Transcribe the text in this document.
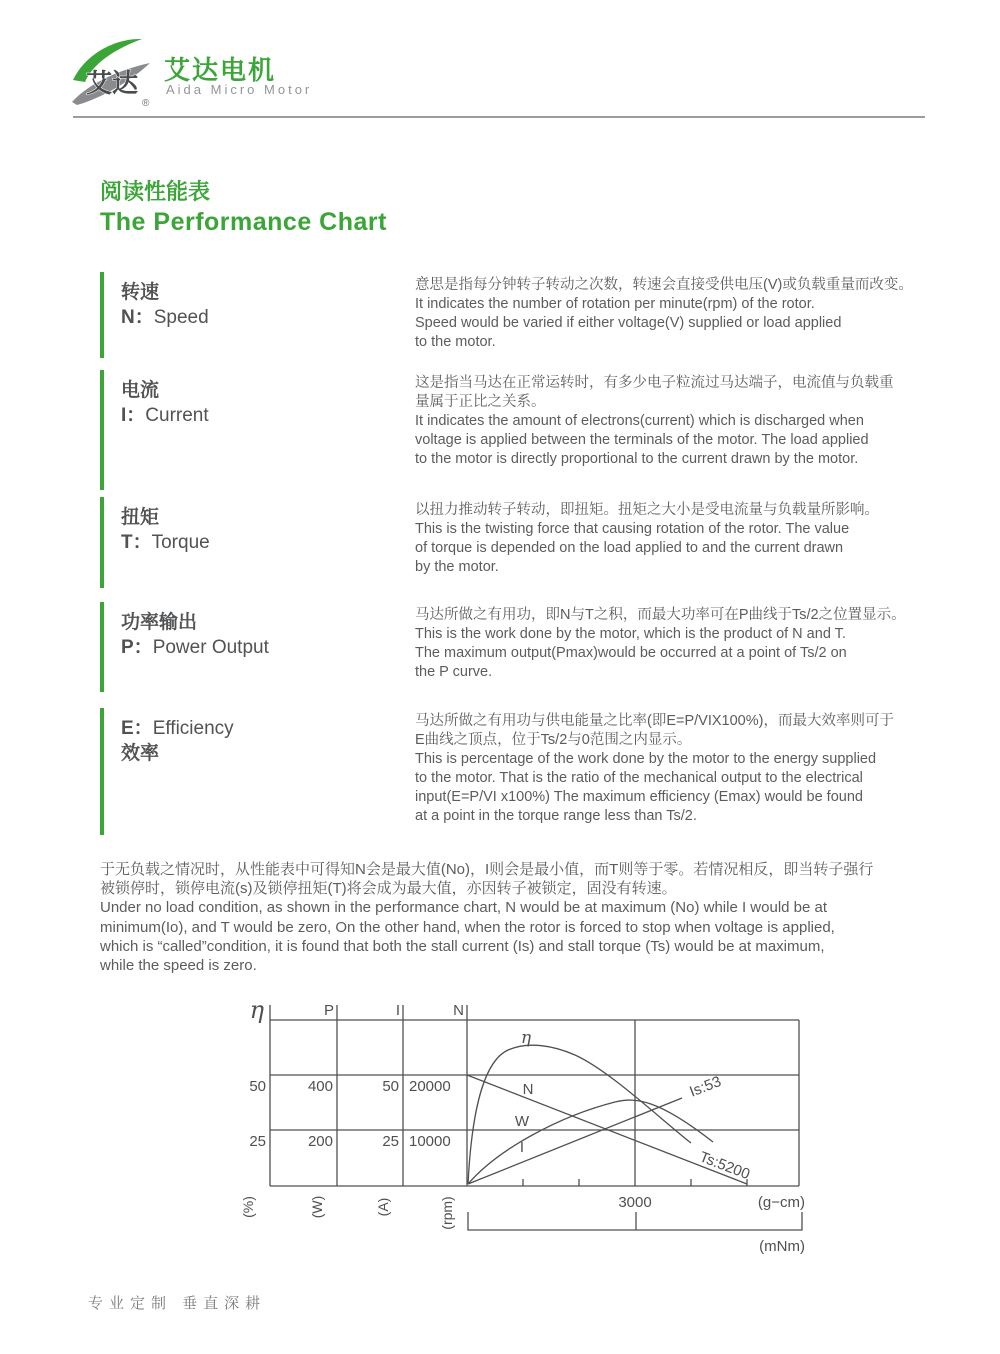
艾达
®
艾达电机
Aida Micro Motor
阅读性能表
The Performance Chart
转速
N：Speed
意思是指每分钟转子转动之次数，转速会直接受供电压(V)或负载重量而改变。
It indicates the number of rotation per minute(rpm) of the rotor.
Speed would be varied if either voltage(V) supplied or load applied
to the motor.
电流
I：Current
这是指当马达在正常运转时，有多少电子粒流过马达端子，电流值与负载重
量属于正比之关系。
It indicates the amount of electrons(current) which is discharged when
voltage is applied between the terminals of the motor. The load applied
to the motor is directly proportional to the current drawn by the motor.
扭矩
T：Torque
以扭力推动转子转动，即扭矩。扭矩之大小是受电流量与负载量所影响。
This is the twisting force that causing rotation of the rotor. The value
of torque is depended on the load applied to and the current drawn
by the motor.
功率输出
P：Power Output
马达所做之有用功，即N与T之积，而最大功率可在P曲线于Ts/2之位置显示。
This is the work done by the motor, which is the product of N and T.
The maximum output(Pmax)would be occurred at a point of Ts/2 on
the P curve.
E：Efficiency
效率
马达所做之有用功与供电能量之比率(即E=P/VIX100%)，而最大效率则可于
E曲线之顶点，位于Ts/2与0范围之内显示。
This is percentage of the work done by the motor to the energy supplied
to the motor. That is the ratio of the mechanical output to the electrical
input(E=P/VI x100%) The maximum efficiency (Emax) would be found
at a point in the torque range less than Ts/2.
于无负载之情况时，从性能表中可得知N会是最大值(No)，I则会是最小值，而T则等于零。若情况相反，即当转子强行
被锁停时，锁停电流(s)及锁停扭矩(T)将会成为最大值，亦因转子被锁定，固没有转速。
Under no load condition, as shown in the performance chart, N would be at maximum (No) while I would be at
minimum(Io), and T would be zero, On the other hand, when the rotor is forced to stop when voltage is applied,
which is “called”condition, it is found that both the stall current (Is) and stall torque (Ts) would be at maximum,
while the speed is zero.
η	P	I	N
50	400	50 20000
25	200	25 10000
(%)	(W)	(A)	(rpm)	3000	(g−cm)
(mNm)
η
N
W
I
Is:53
Ts:5200
专业定制 垂直深耕
